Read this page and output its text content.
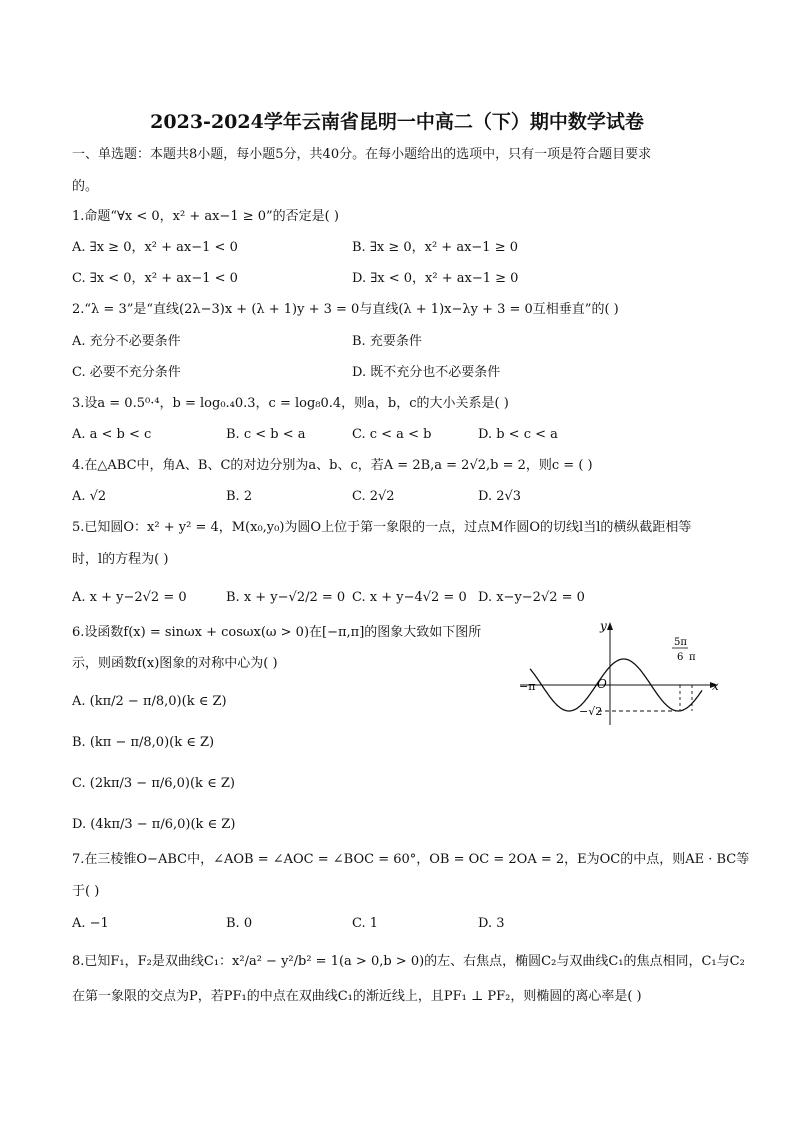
2023-2024学年云南省昆明一中高二（下）期中数学试卷
一、单选题：本题共8小题，每小题5分，共40分。在每小题给出的选项中，只有一项是符合题目要求
的。
1.命题“∀x < 0，x² + ax−1 ≥ 0”的否定是( )
A. ∃x ≥ 0，x² + ax−1 < 0	B. ∃x ≥ 0，x² + ax−1 ≥ 0
C. ∃x < 0，x² + ax−1 < 0	D. ∃x < 0，x² + ax−1 ≥ 0
2.“λ = 3”是“直线(2λ−3)x + (λ + 1)y + 3 = 0与直线(λ + 1)x−λy + 3 = 0互相垂直”的( )
A. 充分不必要条件	B. 充要条件
C. 必要不充分条件	D. 既不充分也不必要条件
3.设a = 0.5⁰·⁴，b = log₀.₄0.3，c = log₈0.4，则a，b，c的大小关系是( )
A. a < b < c	B. c < b < a	C. c < a < b	D. b < c < a
4.在△ABC中，角A、B、C的对边分别为a、b、c，若A = 2B,a = 2√2,b = 2，则c = ( )
A. √2	B. 2	C. 2√2	D. 2√3
5.已知圆O：x² + y² = 4，M(x₀,y₀)为圆O上位于第一象限的一点，过点M作圆O的切线l当l的横纵截距相等
时，l的方程为( )
A. x + y−2√2 = 0	B. x + y−√2/2 = 0 C. x + y−4√2 = 0 D. x−y−2√2 = 0
6.设函数f(x) = sinωx + cosωx(ω > 0)在[−π,π]的图象大致如下图所
示，则函数f(x)图象的对称中心为( )
A. (kπ/2 − π/8,0)(k ∈ Z)
B. (kπ − π/8,0)(k ∈ Z)
C. (2kπ/3 − π/6,0)(k ∈ Z)
D. (4kπ/3 − π/6,0)(k ∈ Z)
y
x
O
−π
5π
6 π
−√2
7.在三棱锥O−ABC中，∠AOB = ∠AOC = ∠BOC = 60°，OB = OC = 2OA = 2，E为OC的中点，则AE · BC等
于( )
A. −1	B. 0	C. 1	D. 3
8.已知F₁，F₂是双曲线C₁：x²/a² − y²/b² = 1(a > 0,b > 0)的左、右焦点，椭圆C₂与双曲线C₁的焦点相同，C₁与C₂
在第一象限的交点为P，若PF₁的中点在双曲线C₁的渐近线上，且PF₁ ⊥ PF₂，则椭圆的离心率是( )
